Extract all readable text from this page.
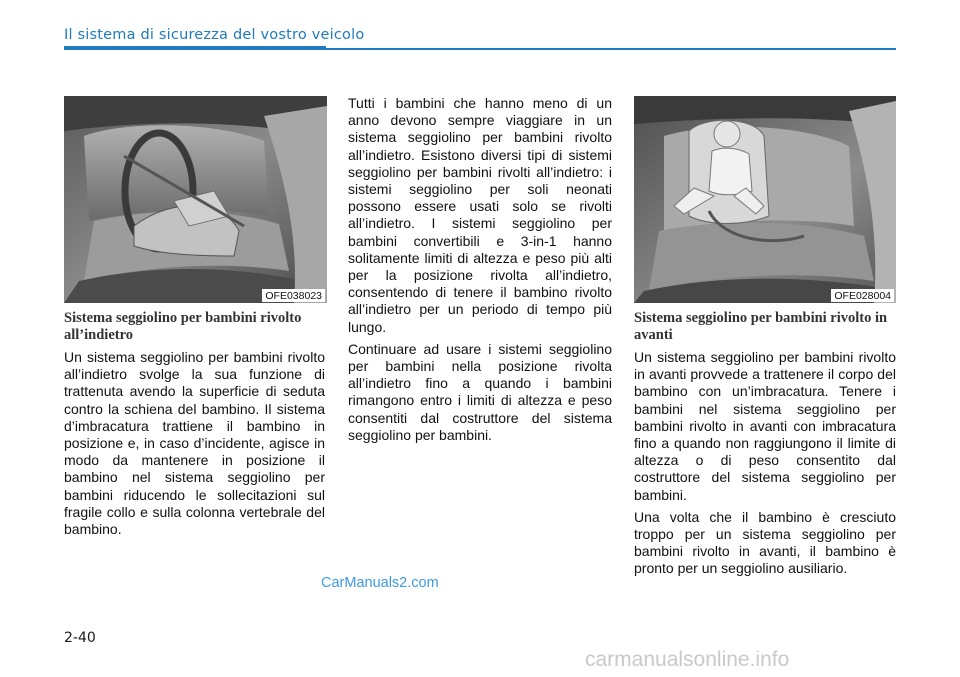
Il sistema di sicurezza del vostro veicolo
OFE038023
Sistema seggiolino per bambini rivolto all’indietro

Un sistema seggiolino per bambini rivolto all’indietro svolge la sua funzione di trattenuta avendo la superficie di seduta contro la schiena del bambino. Il sistema d’imbracatura trattiene il bambino in posizione e, in caso d’incidente, agisce in modo da mantenere in posizione il bambino nel sistema seggiolino per bambini riducendo le sollecitazioni sul fragile collo e sulla colonna vertebrale del bambino.

Tutti i bambini che hanno meno di un anno devono sempre viaggiare in un sistema seggiolino per bambini rivolto all’indietro. Esistono diversi tipi di sistemi seggiolino per bambini rivolti all’indietro: i sistemi seggiolino per soli neonati possono essere usati solo se rivolti all’indietro. I sistemi seggiolino per bambini convertibili e 3-in-1 hanno solitamente limiti di altezza e peso più alti per la posizione rivolta all’indietro, consentendo di tenere il bambino rivolto all’indietro per un periodo di tempo più lungo.

Continuare ad usare i sistemi seggiolino per bambini nella posizione rivolta all’indietro fino a quando i bambini rimangono entro i limiti di altezza e peso consentiti dal costruttore del sistema seggiolino per bambini.

OFE028004
Sistema seggiolino per bambini rivolto in avanti

Un sistema seggiolino per bambini rivolto in avanti provvede a trattenere il corpo del bambino con un’imbracatura. Tenere i bambini nel sistema seggiolino per bambini rivolto in avanti con imbracatura fino a quando non raggiungono il limite di altezza o di peso consentito dal costruttore del sistema seggiolino per bambini.

Una volta che il bambino è cresciuto troppo per un sistema seggiolino per bambini rivolto in avanti, il bambino è pronto per un seggiolino ausiliario.

CarManuals2.com
2-40
carmanualsonline.info
